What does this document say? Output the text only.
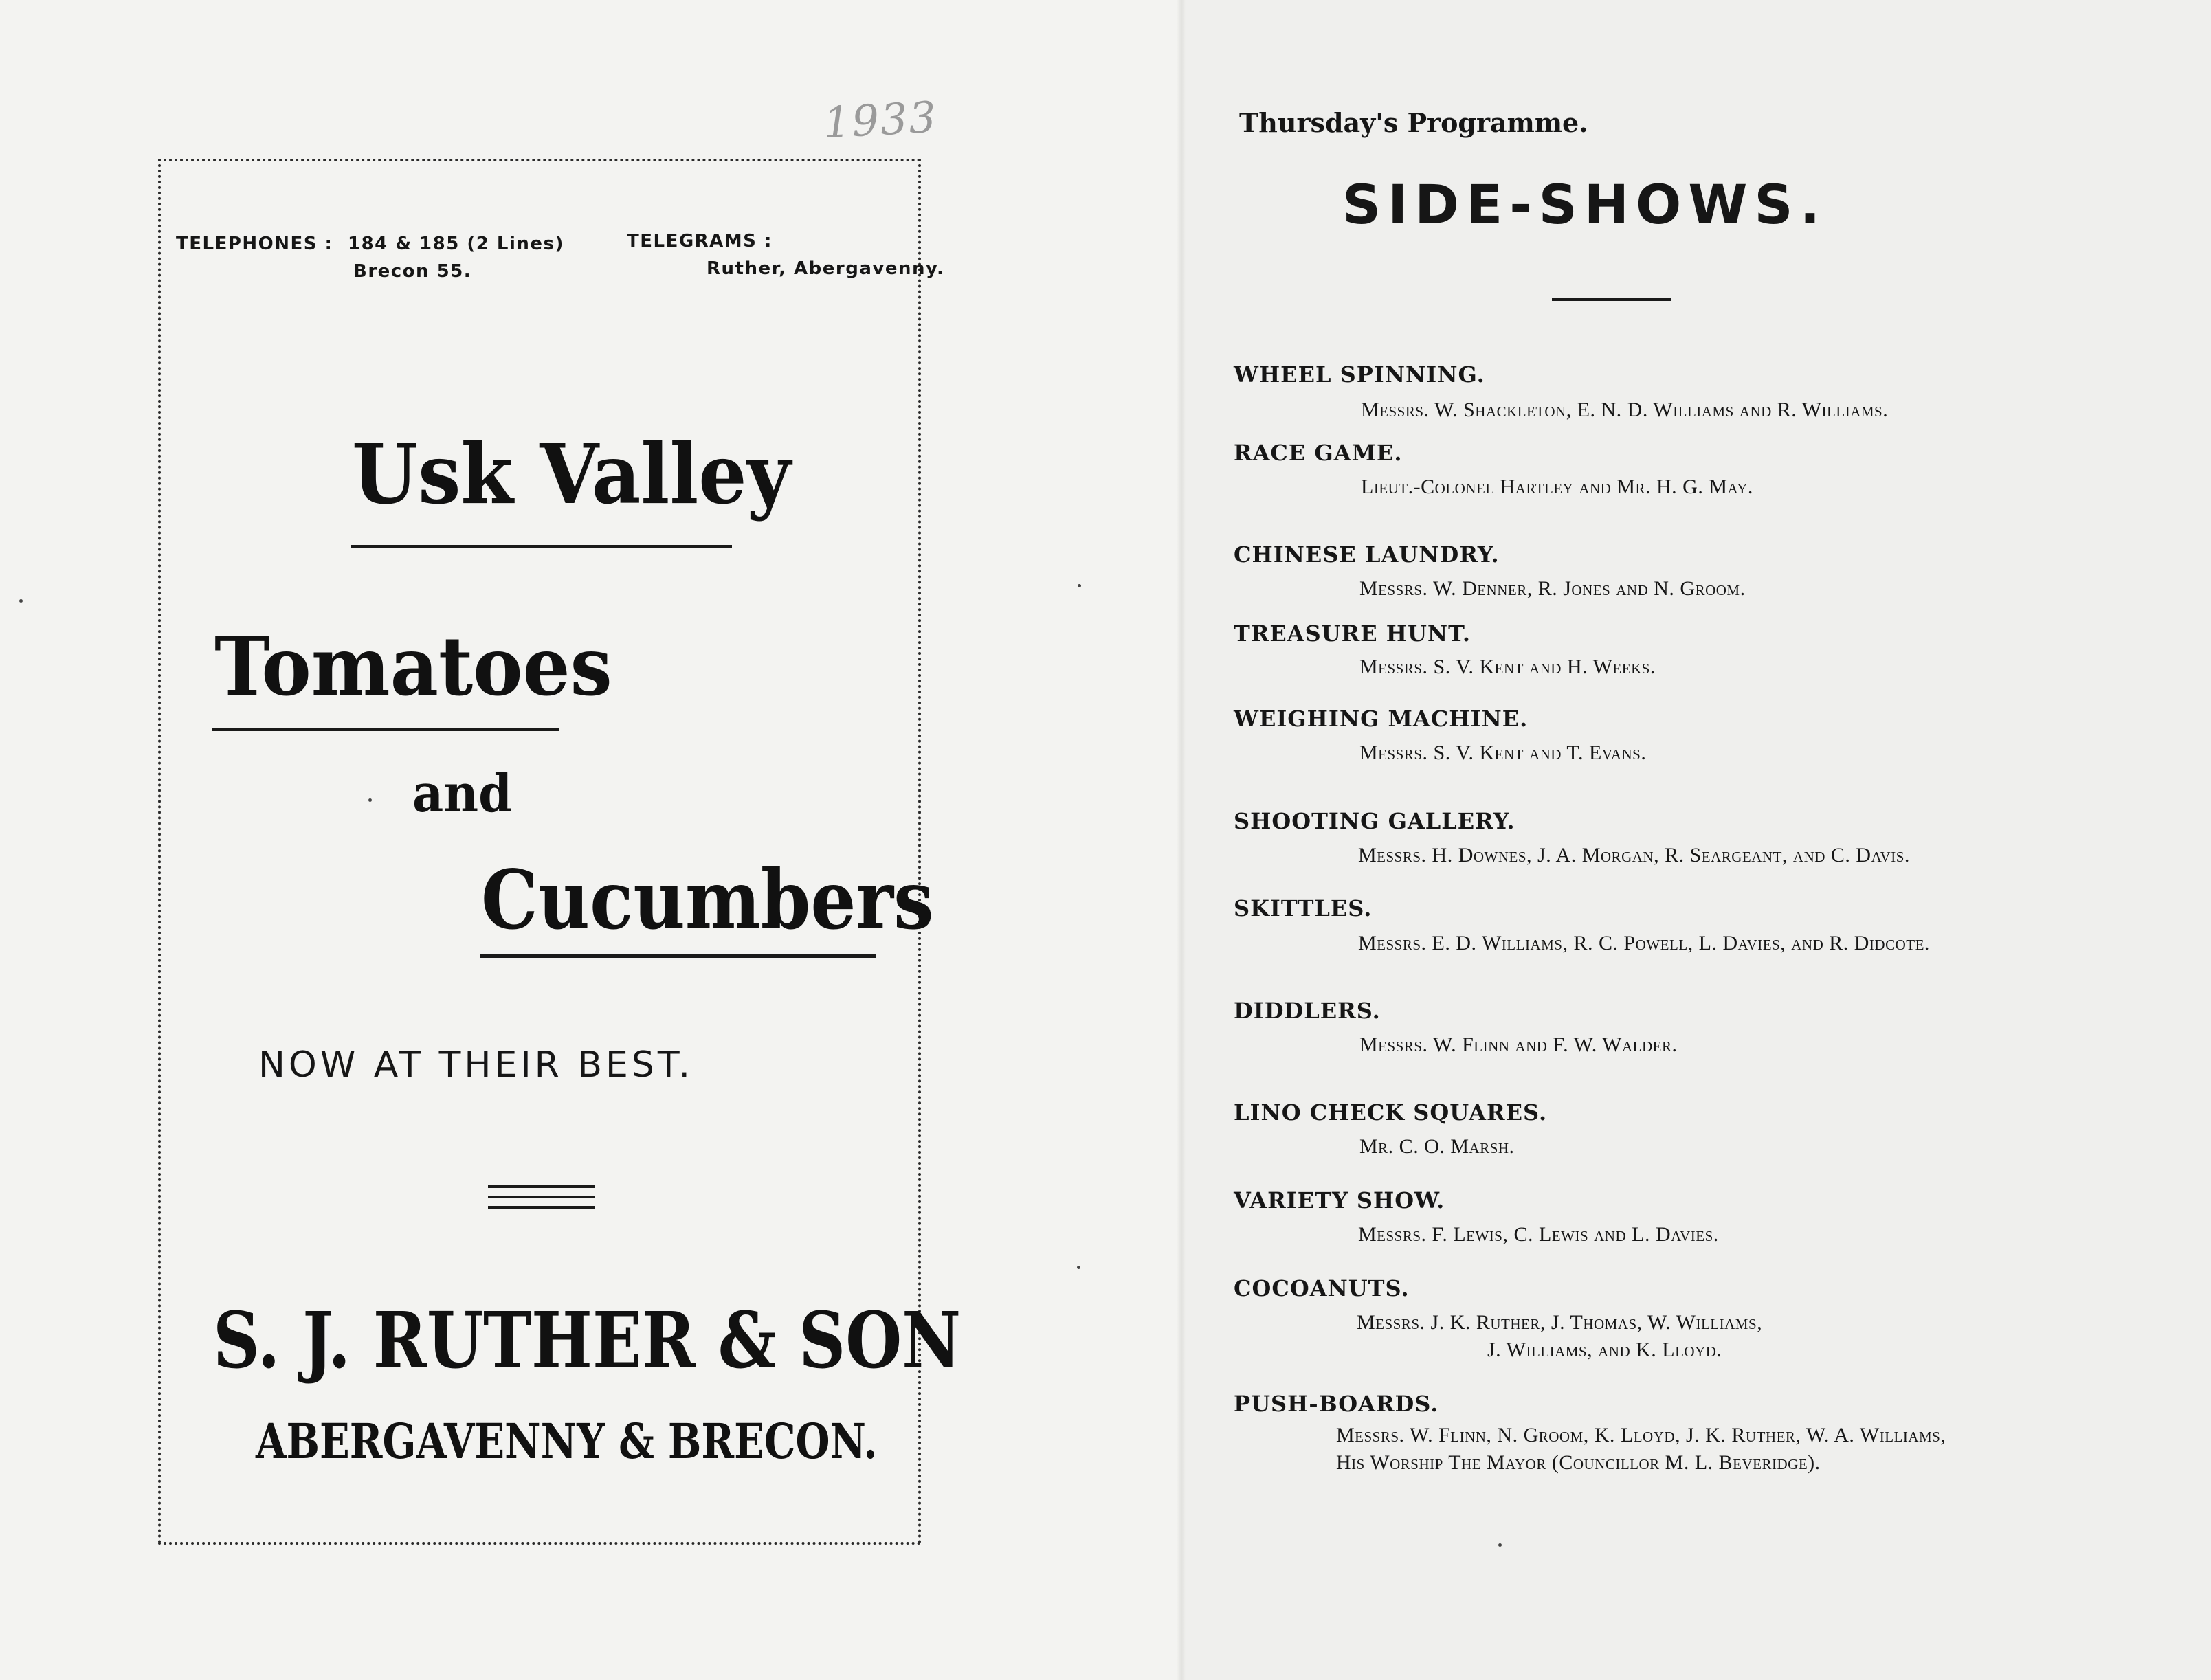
1933
TELEPHONES : 184 & 185 (2 Lines)
Brecon 55.
TELEGRAMS :
Ruther, Abergavenny.
Usk Valley
Tomatoes
and
Cucumbers
NOW AT THEIR BEST.
S. J. RUTHER & SON
ABERGAVENNY & BRECON.
Thursday's Programme.
SIDE-SHOWS.
WHEEL SPINNING.
Messrs. W. Shackleton, E. N. D. Williams and R. Williams.
RACE GAME.
Lieut.-Colonel Hartley and Mr. H. G. May.
CHINESE LAUNDRY.
Messrs. W. Denner, R. Jones and N. Groom.
TREASURE HUNT.
Messrs. S. V. Kent and H. Weeks.
WEIGHING MACHINE.
Messrs. S. V. Kent and T. Evans.
SHOOTING GALLERY.
Messrs. H. Downes, J. A. Morgan, R. Seargeant, and C. Davis.
SKITTLES.
Messrs. E. D. Williams, R. C. Powell, L. Davies, and R. Didcote.
DIDDLERS.
Messrs. W. Flinn and F. W. Walder.
LINO CHECK SQUARES.
Mr. C. O. Marsh.
VARIETY SHOW.
Messrs. F. Lewis, C. Lewis and L. Davies.
COCOANUTS.
Messrs. J. K. Ruther, J. Thomas, W. Williams,
J. Williams, and K. Lloyd.
PUSH-BOARDS.
Messrs. W. Flinn, N. Groom, K. Lloyd, J. K. Ruther, W. A. Williams,
His Worship The Mayor (Councillor M. L. Beveridge).
